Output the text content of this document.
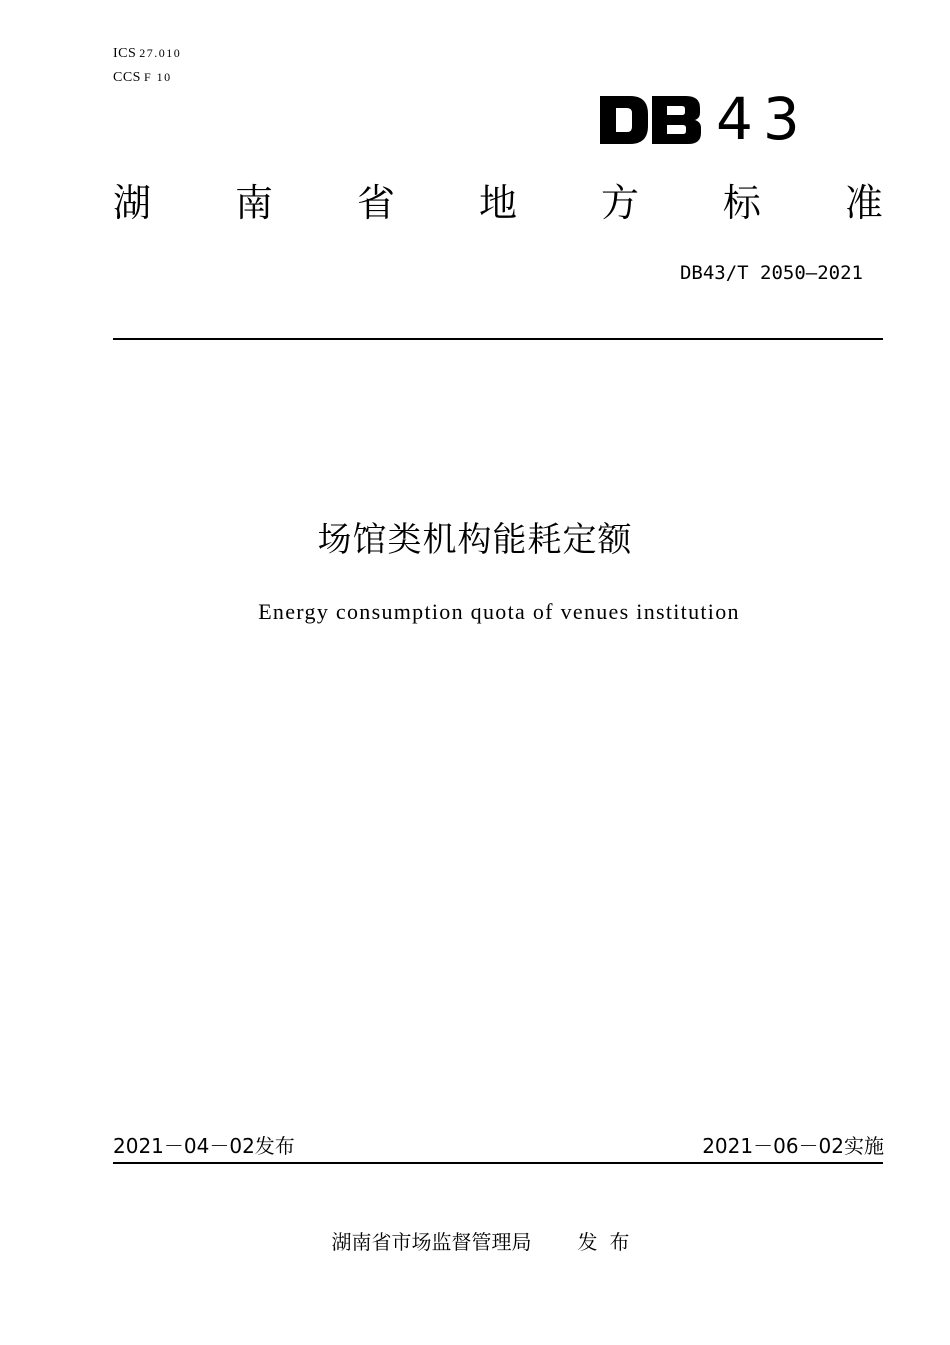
ICS 27.010
CCS F 10
43
湖 南 省 地 方 标 准
DB43/T 2050—2021
场馆类机构能耗定额
Energy consumption quota of venues institution
2021－04－02发布	2021－06－02实施
湖南省市场监督管理局 发布
